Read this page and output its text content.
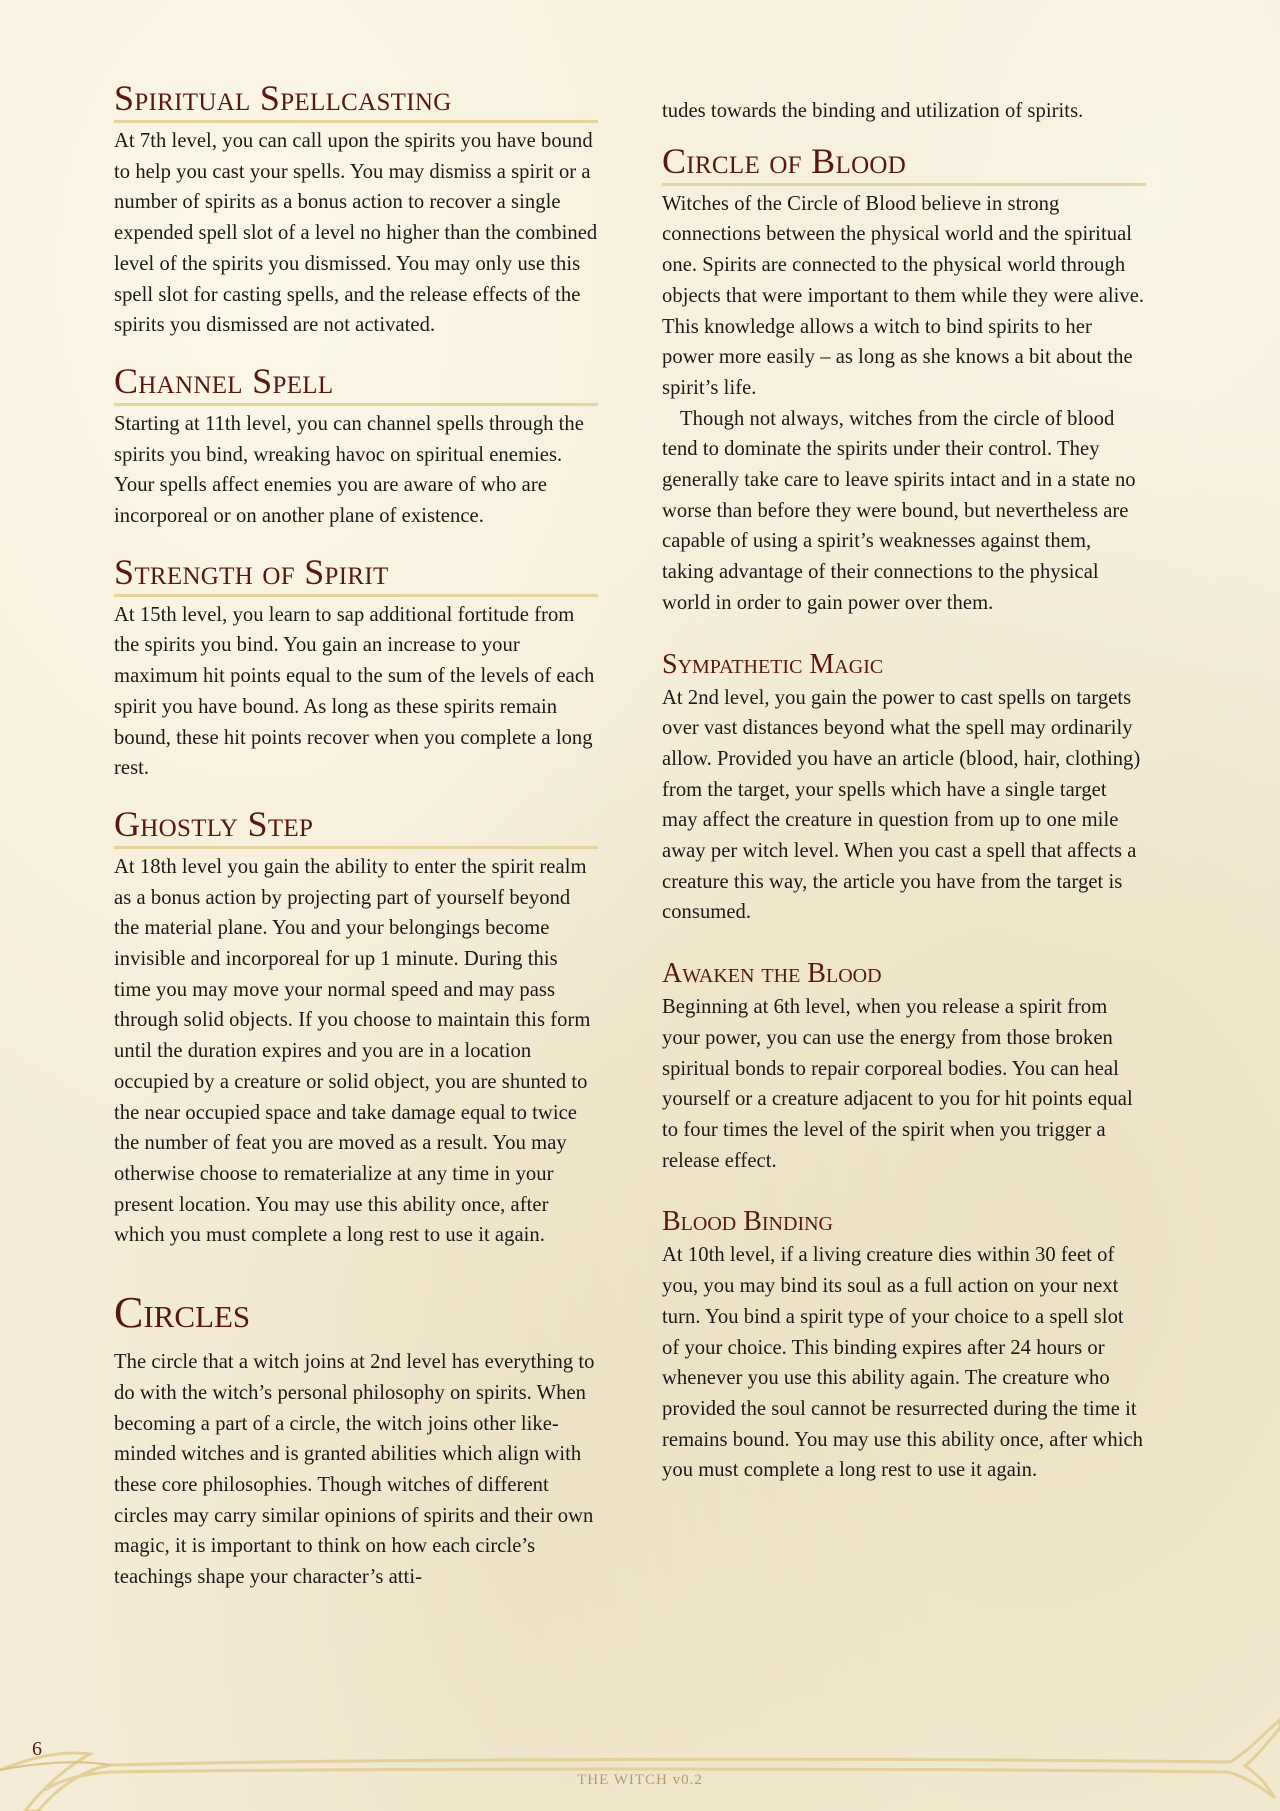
Spiritual Spellcasting

At 7th level, you can call upon the spirits you have bound to help you cast your spells. You may dismiss a spirit or a number of spirits as a bonus action to recover a single expended spell slot of a level no higher than the combined level of the spirits you dismissed. You may only use this spell slot for casting spells, and the release effects of the spirits you dismissed are not activated.

Channel Spell

Starting at 11th level, you can channel spells through the spirits you bind, wreaking havoc on spiritual enemies. Your spells affect enemies you are aware of who are incorporeal or on another plane of existence.

Strength of Spirit

At 15th level, you learn to sap additional fortitude from the spirits you bind. You gain an increase to your maximum hit points equal to the sum of the levels of each spirit you have bound. As long as these spirits remain bound, these hit points recover when you complete a long rest.

Ghostly Step

At 18th level you gain the ability to enter the spirit realm as a bonus action by projecting part of yourself beyond the material plane. You and your belongings become invisible and incorporeal for up 1 minute. During this time you may move your normal speed and may pass through solid objects. If you choose to maintain this form until the duration expires and you are in a location occupied by a creature or solid object, you are shunted to the near occupied space and take damage equal to twice the number of feat you are moved as a result. You may otherwise choose to rematerialize at any time in your present location. You may use this ability once, after which you must complete a long rest to use it again.

Circles

The circle that a witch joins at 2nd level has everything to do with the witch’s personal philosophy on spirits. When becoming a part of a circle, the witch joins other like-minded witches and is granted abilities which align with these core philosophies. Though witches of different circles may carry similar opinions of spirits and their own magic, it is important to think on how each circle’s teachings shape your character’s atti-

tudes towards the binding and utilization of spirits.

Circle of Blood

Witches of the Circle of Blood believe in strong connections between the physical world and the spiritual one. Spirits are connected to the physical world through objects that were important to them while they were alive. This knowledge allows a witch to bind spirits to her power more easily – as long as she knows a bit about the spirit’s life.

Though not always, witches from the circle of blood tend to dominate the spirits under their control. They generally take care to leave spirits intact and in a state no worse than before they were bound, but nevertheless are capable of using a spirit’s weaknesses against them, taking advantage of their connections to the physical world in order to gain power over them.

Sympathetic Magic

At 2nd level, you gain the power to cast spells on targets over vast distances beyond what the spell may ordinarily allow. Provided you have an article (blood, hair, clothing) from the target, your spells which have a single target may affect the creature in question from up to one mile away per witch level. When you cast a spell that affects a creature this way, the article you have from the target is consumed.

Awaken the Blood

Beginning at 6th level, when you release a spirit from your power, you can use the energy from those broken spiritual bonds to repair corporeal bodies. You can heal yourself or a creature adjacent to you for hit points equal to four times the level of the spirit when you trigger a release effect.

Blood Binding

At 10th level, if a living creature dies within 30 feet of you, you may bind its soul as a full action on your next turn. You bind a spirit type of your choice to a spell slot of your choice. This binding expires after 24 hours or whenever you use this ability again. The creature who provided the soul cannot be resurrected during the time it remains bound. You may use this ability once, after which you must complete a long rest to use it again.

6
THE WITCH v0.2
